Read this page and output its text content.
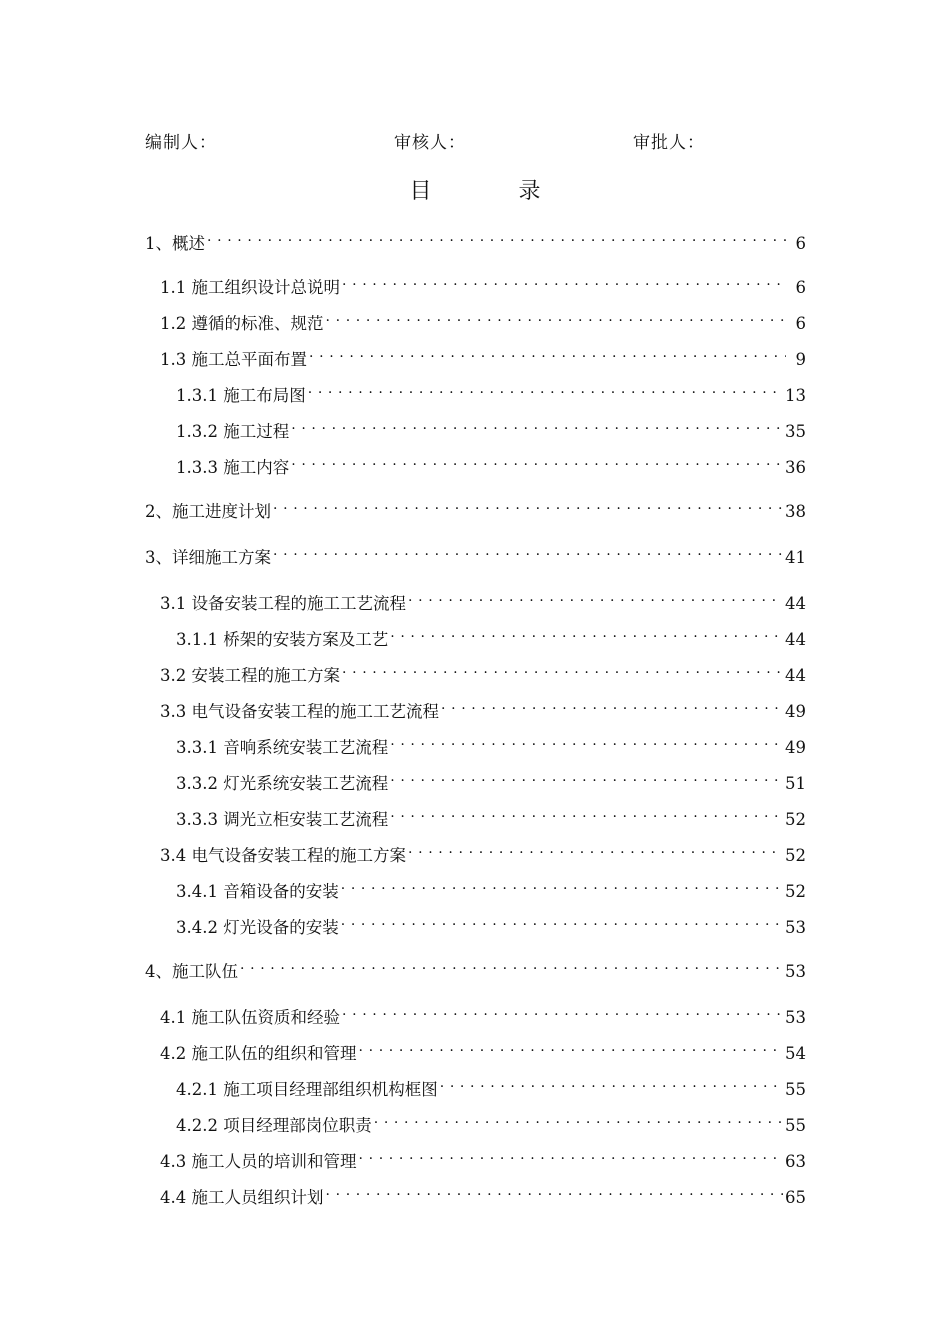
编制人：	审核人：	审批人：
目 录
1、概述 . . .	6
1.1 施工组织设计总说明 . . .	6
1.2 遵循的标准、规范 . . .	6
1.3 施工总平面布置 . . .	9
1.3.1 施工布局图 . . .	13
1.3.2 施工过程 . . .	35
1.3.3 施工内容 . . .	36
2、施工进度计划 . . .	38
3、详细施工方案 . . .	41
3.1 设备安装工程的施工工艺流程 . . .	44
3.1.1 桥架的安装方案及工艺 . . .	44
3.2 安装工程的施工方案 . . .	44
3.3 电气设备安装工程的施工工艺流程 . . .	49
3.3.1 音响系统安装工艺流程 . . .	49
3.3.2 灯光系统安装工艺流程 . . .	51
3.3.3 调光立柜安装工艺流程 . . .	52
3.4 电气设备安装工程的施工方案 . . .	52
3.4.1 音箱设备的安装 . . .	52
3.4.2 灯光设备的安装 . . .	53
4、施工队伍 . . .	53
4.1 施工队伍资质和经验 . . .	53
4.2 施工队伍的组织和管理 . . .	54
4.2.1 施工项目经理部组织机构框图 . . .	55
4.2.2 项目经理部岗位职责 . . .	55
4.3 施工人员的培训和管理 . . .	63
4.4 施工人员组织计划 . . .	65
